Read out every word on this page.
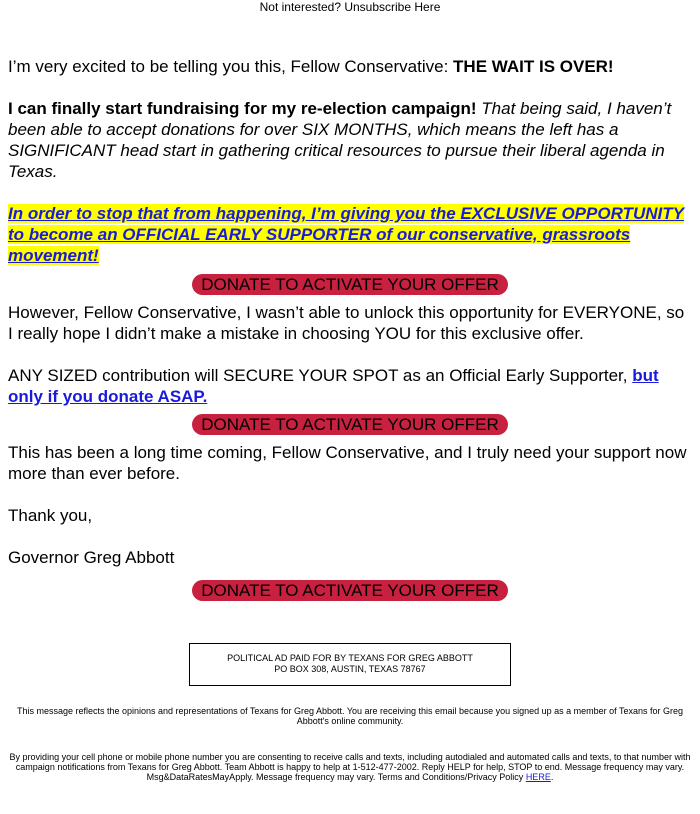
Not interested? Unsubscribe Here

I’m very excited to be telling you this, Fellow Conservative: THE WAIT IS OVER!

I can finally start fundraising for my re-election campaign! That being said, I haven’t been able to accept donations for over SIX MONTHS, which means the left has a SIGNIFICANT head start in gathering critical resources to pursue their liberal agenda in Texas.

In order to stop that from happening, I’m giving you the EXCLUSIVE OPPORTUNITY to become an OFFICIAL EARLY SUPPORTER of our conservative, grassroots movement!

DONATE TO ACTIVATE YOUR OFFER

However, Fellow Conservative, I wasn’t able to unlock this opportunity for EVERYONE, so I really hope I didn’t make a mistake in choosing YOU for this exclusive offer.

ANY SIZED contribution will SECURE YOUR SPOT as an Official Early Supporter, but only if you donate ASAP.

DONATE TO ACTIVATE YOUR OFFER

This has been a long time coming, Fellow Conservative, and I truly need your support now more than ever before.

Thank you,

Governor Greg Abbott

DONATE TO ACTIVATE YOUR OFFER
POLITICAL AD PAID FOR BY TEXANS FOR GREG ABBOTT
PO BOX 308, AUSTIN, TEXAS 78767
This message reflects the opinions and representations of Texans for Greg Abbott. You are receiving this email because you signed up as a member of Texans for Greg Abbott's online community.
By providing your cell phone or mobile phone number you are consenting to receive calls and texts, including autodialed and automated calls and texts, to that number with campaign notifications from Texans for Greg Abbott. Team Abbott is happy to help at 1-512-477-2002. Reply HELP for help, STOP to end. Message frequency may vary. Msg&DataRatesMayApply. Message frequency may vary. Terms and Conditions/Privacy Policy HERE.
